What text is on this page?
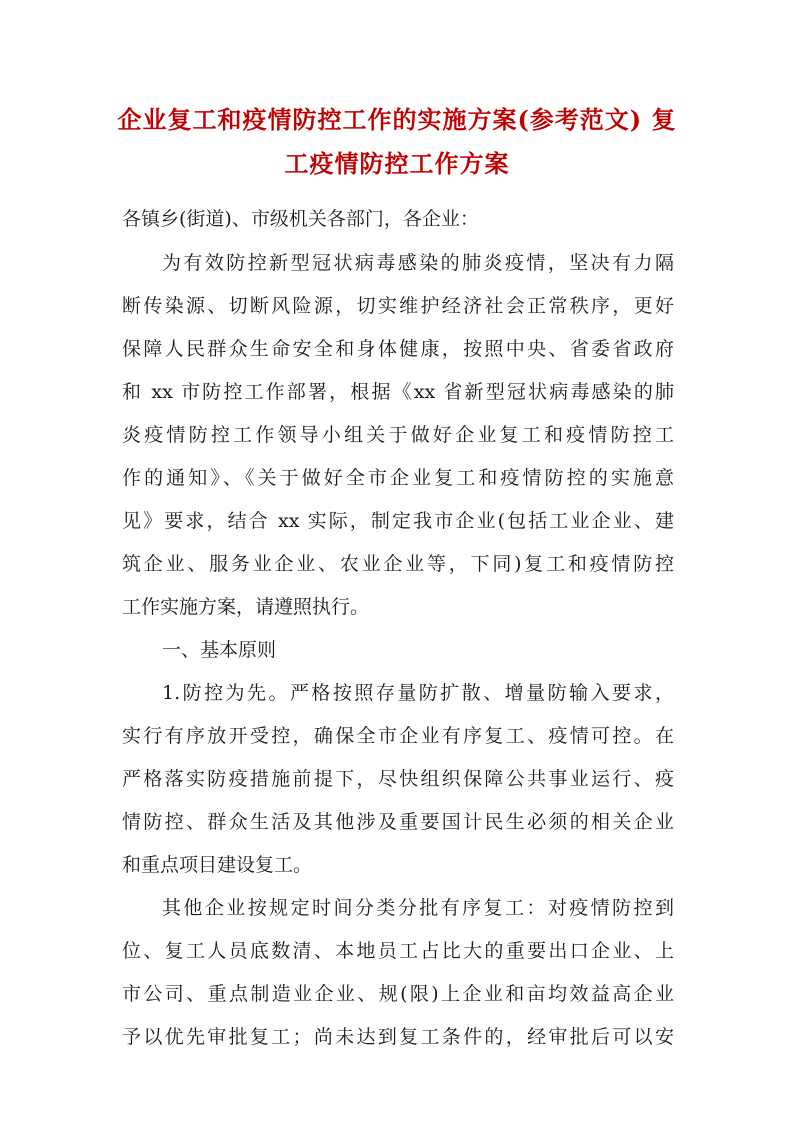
企业复工和疫情防控工作的实施方案(参考范文) 复
工疫情防控工作方案
各镇乡(街道)、市级机关各部门，各企业：
为有效防控新型冠状病毒感染的肺炎疫情，坚决有力隔
断传染源、切断风险源，切实维护经济社会正常秩序，更好
保障人民群众生命安全和身体健康，按照中央、省委省政府
和 xx 市防控工作部署，根据《xx 省新型冠状病毒感染的肺
炎疫情防控工作领导小组关于做好企业复工和疫情防控工
作的通知》、《关于做好全市企业复工和疫情防控的实施意
见》要求，结合 xx 实际，制定我市企业(包括工业企业、建
筑企业、服务业企业、农业企业等，下同)复工和疫情防控
工作实施方案，请遵照执行。
一、基本原则
1.防控为先。严格按照存量防扩散、增量防输入要求，
实行有序放开受控，确保全市企业有序复工、疫情可控。在
严格落实防疫措施前提下，尽快组织保障公共事业运行、疫
情防控、群众生活及其他涉及重要国计民生必须的相关企业
和重点项目建设复工。
其他企业按规定时间分类分批有序复工：对疫情防控到
位、复工人员底数清、本地员工占比大的重要出口企业、上
市公司、重点制造业企业、规(限)上企业和亩均效益高企业
予以优先审批复工；尚未达到复工条件的，经审批后可以安
